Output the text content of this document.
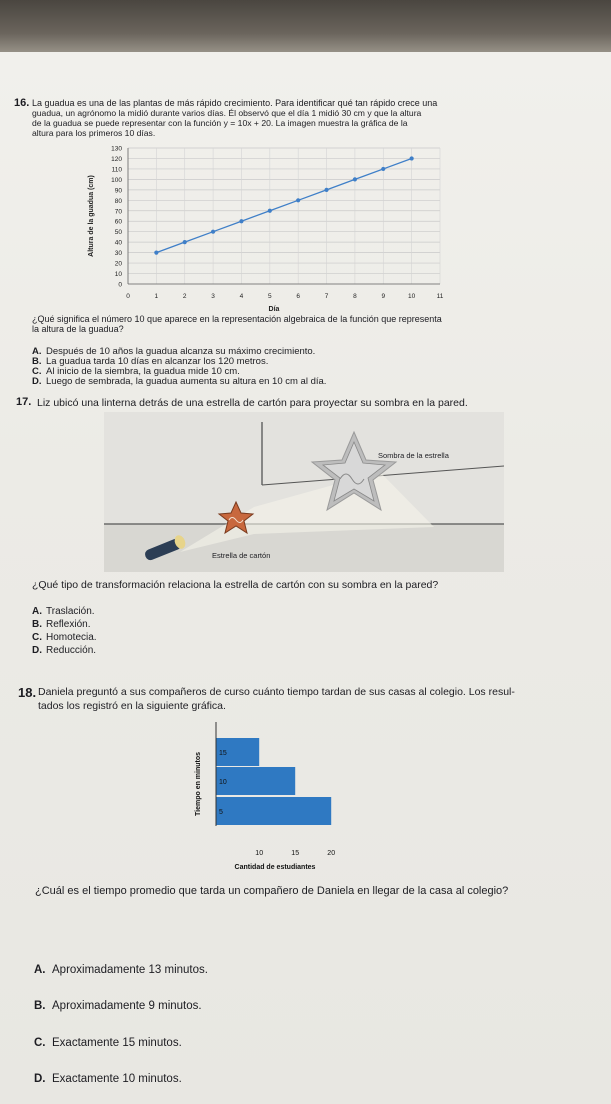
16. La guadua es una de las plantas de más rápido crecimiento. Para identificar qué tan rápido crece una
guadua, un agrónomo la midió durante varios días. Él observó que el día 1 midió 30 cm y que la altura
de la guadua se puede representar con la función y = 10x + 20. La imagen muestra la gráfica de la
altura para los primeros 10 días.
0
10
20
30
40
50
60
70
80
90
100
110
120
130
0	1	2	3	4	5	6	7	8	9	10	11
Día
Altura de la guadua (cm)
¿Qué significa el número 10 que aparece en la representación algebraica de la función que representa
la altura de la guadua?
A. Después de 10 años la guadua alcanza su máximo crecimiento.
B. La guadua tarda 10 días en alcanzar los 120 metros.
C. Al inicio de la siembra, la guadua mide 10 cm.
D. Luego de sembrada, la guadua aumenta su altura en 10 cm al día.
17. Liz ubicó una linterna detrás de una estrella de cartón para proyectar su sombra en la pared.
Sombra de la estrella
Estrella de cartón
¿Qué tipo de transformación relaciona la estrella de cartón con su sombra en la pared?
A. Traslación.
B. Reflexión.
C. Homotecia.
D. Reducción.
18. Daniela preguntó a sus compañeros de curso cuánto tiempo tardan de sus casas al colegio. Los resul-
tados los registró en la siguiente gráfica.
15
10
5
10	15	20
Cantidad de estudiantes
Tiempo en minutos
¿Cuál es el tiempo promedio que tarda un compañero de Daniela en llegar de la casa al colegio?
A. Aproximadamente 13 minutos.
B. Aproximadamente 9 minutos.
C. Exactamente 15 minutos.
D. Exactamente 10 minutos.
